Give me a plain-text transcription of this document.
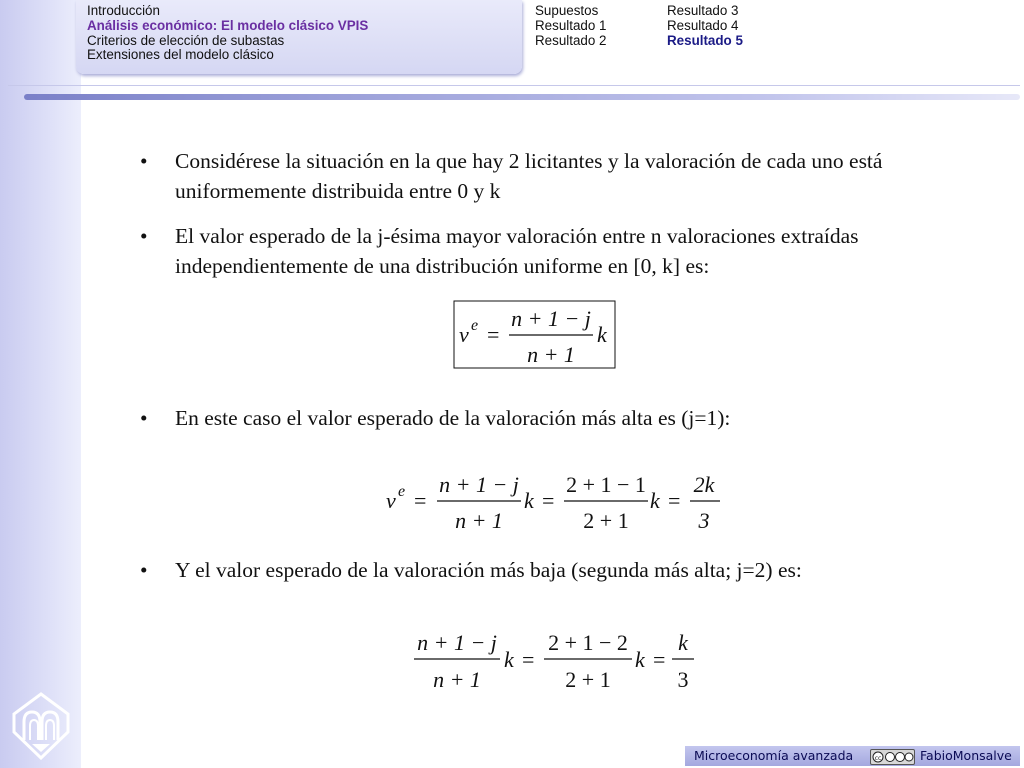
Introducción
Análisis económico: El modelo clásico VPIS
Criterios de elección de subastas
Extensiones del modelo clásico
Supuestos
Resultado 1
Resultado 2
Resultado 3
Resultado 4
Resultado 5
• Considérese la situación en la que hay 2 licitantes y la valoración de cada uno está uniformemente distribuida entre 0 y k
• El valor esperado de la j-ésima mayor valoración entre n valoraciones extraídas independientemente de una distribución uniforme en [0, k] es:
v e =
n + 1 − j
n + 1
k
• En este caso el valor esperado de la valoración más alta es (j=1):
v e =
n + 1 − j
n + 1
k =
2 + 1 − 1
2 + 1
k =
2k
3
• Y el valor esperado de la valoración más baja (segunda más alta; j=2) es:
n + 1 − j
n + 1
k =
2 + 1 − 2
2 + 1
k =
k
3
Microeconomía avanzada	cc	FabioMonsalve
